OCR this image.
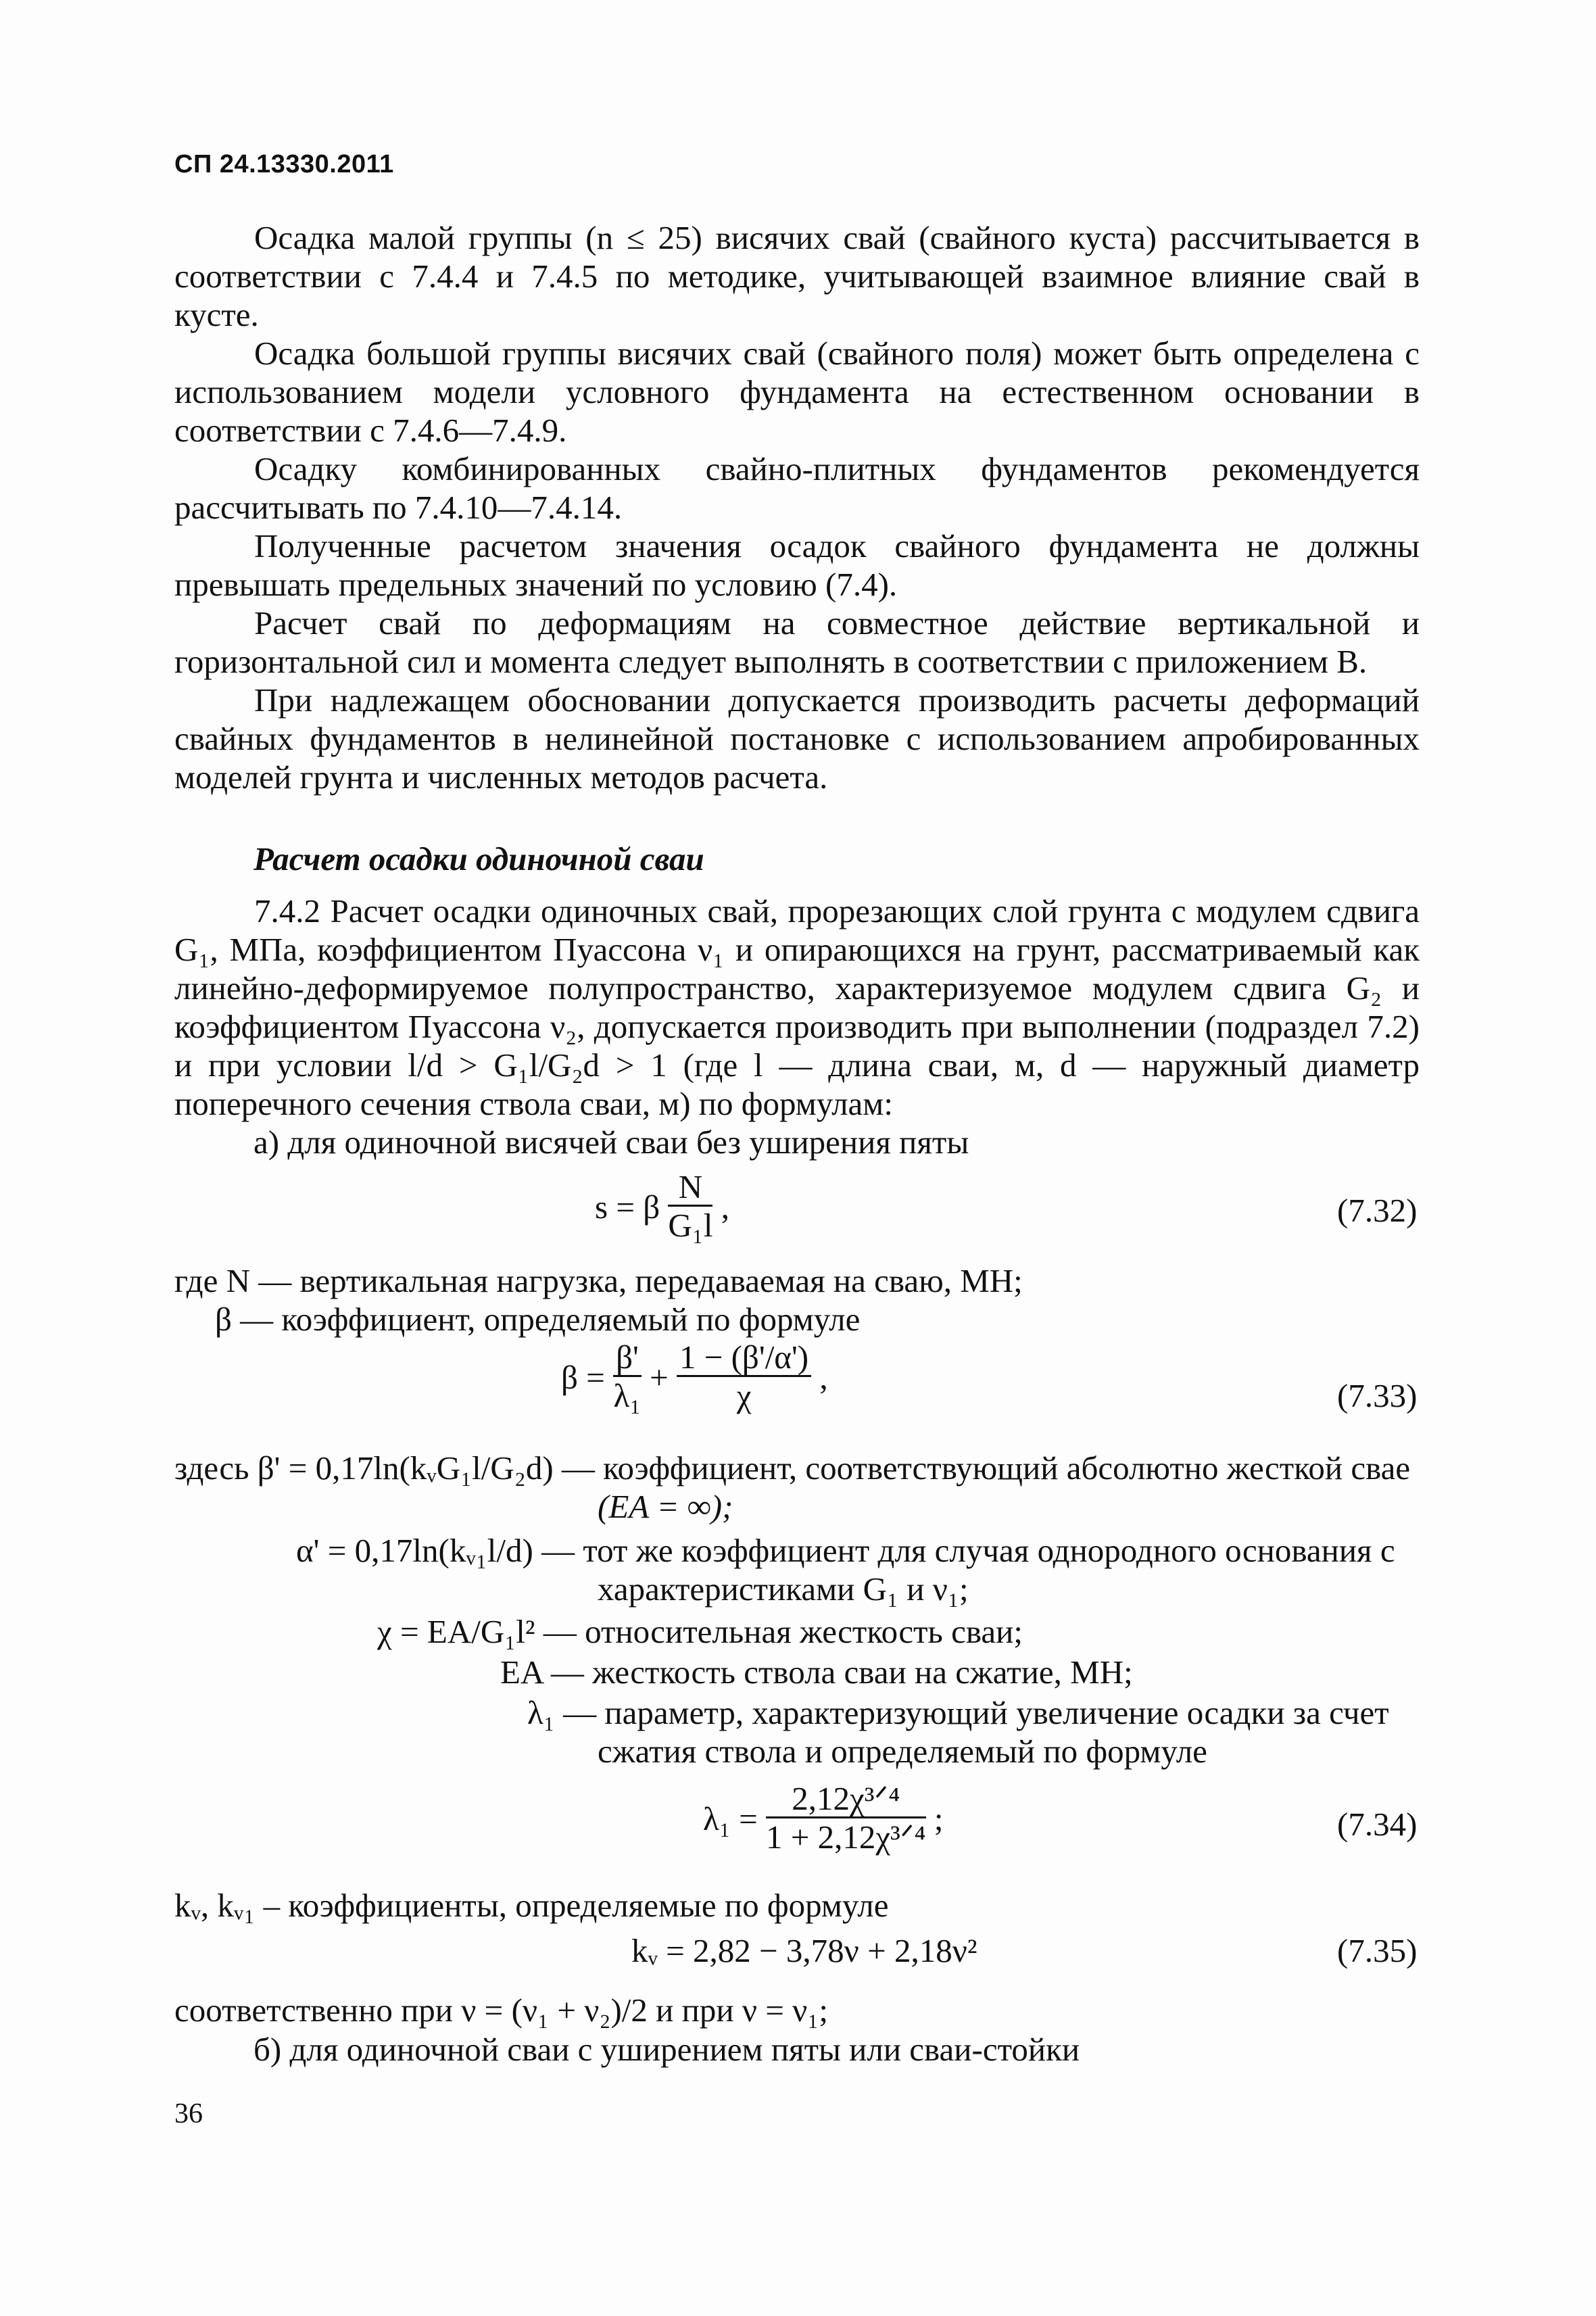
СП 24.13330.2011
Осадка малой группы (n ≤ 25) висячих свай (свайного куста) рассчитывается в
соответствии с 7.4.4 и 7.4.5 по методике, учитывающей взаимное влияние свай в
кусте.
Осадка большой группы висячих свай (свайного поля) может быть определена с
использованием модели условного фундамента на естественном основании в
соответствии с 7.4.6—7.4.9.
Осадку комбинированных свайно-плитных фундаментов рекомендуется
рассчитывать по 7.4.10—7.4.14.
Полученные расчетом значения осадок свайного фундамента не должны
превышать предельных значений по условию (7.4).
Расчет свай по деформациям на совместное действие вертикальной и
горизонтальной сил и момента следует выполнять в соответствии с приложением В.
При надлежащем обосновании допускается производить расчеты деформаций
свайных фундаментов в нелинейной постановке с использованием апробированных
моделей грунта и численных методов расчета.
Расчет осадки одиночной сваи
7.4.2 Расчет осадки одиночных свай, прорезающих слой грунта с модулем сдвига
G₁, МПа, коэффициентом Пуассона ν₁ и опирающихся на грунт, рассматриваемый как
линейно-деформируемое полупространство, характеризуемое модулем сдвига G₂ и
коэффициентом Пуассона ν₂, допускается производить при выполнении (подраздел 7.2)
и при условии l/d > G₁l/G₂d > 1 (где l — длина сваи, м, d — наружный диаметр
поперечного сечения ствола сваи, м) по формулам:
а) для одиночной висячей сваи без уширения пяты
s = β $\frac{N}{\text{G₁l}}$ ,	(7.32)
где N — вертикальная нагрузка, передаваемая на сваю, МН;
β — коэффициент, определяемый по формуле
$\beta = \frac{\beta'}{\text{λ₁}} + \frac{1 - (\beta'/\alpha')}{\chi}$ ,	(7.33)
здесь β' = 0,17ln(kᵥG₁l/G₂d) — коэффициент, соответствующий абсолютно жесткой свае
(EA = ∞);
α' = 0,17ln(kᵥ₁l/d) — тот же коэффициент для случая однородного основания с
характеристиками G₁ и ν₁;
χ = EA/G₁l² — относительная жесткость сваи;
EA — жесткость ствола сваи на сжатие, МН;
λ₁ — параметр, характеризующий увеличение осадки за счет
сжатия ствола и определяемый по формуле
$\lambda_1 = \frac{\text{2,12χ³ᐟ⁴}}{\text{1 + 2,12χ³ᐟ⁴}}$ ;	(7.34)
kᵥ, kᵥ₁ – коэффициенты, определяемые по формуле
kᵥ = 2,82 − 3,78ν + 2,18ν²	(7.35)
соответственно при ν = (ν₁ + ν₂)/2 и при ν = ν₁;
б) для одиночной сваи с уширением пяты или сваи-стойки
36
